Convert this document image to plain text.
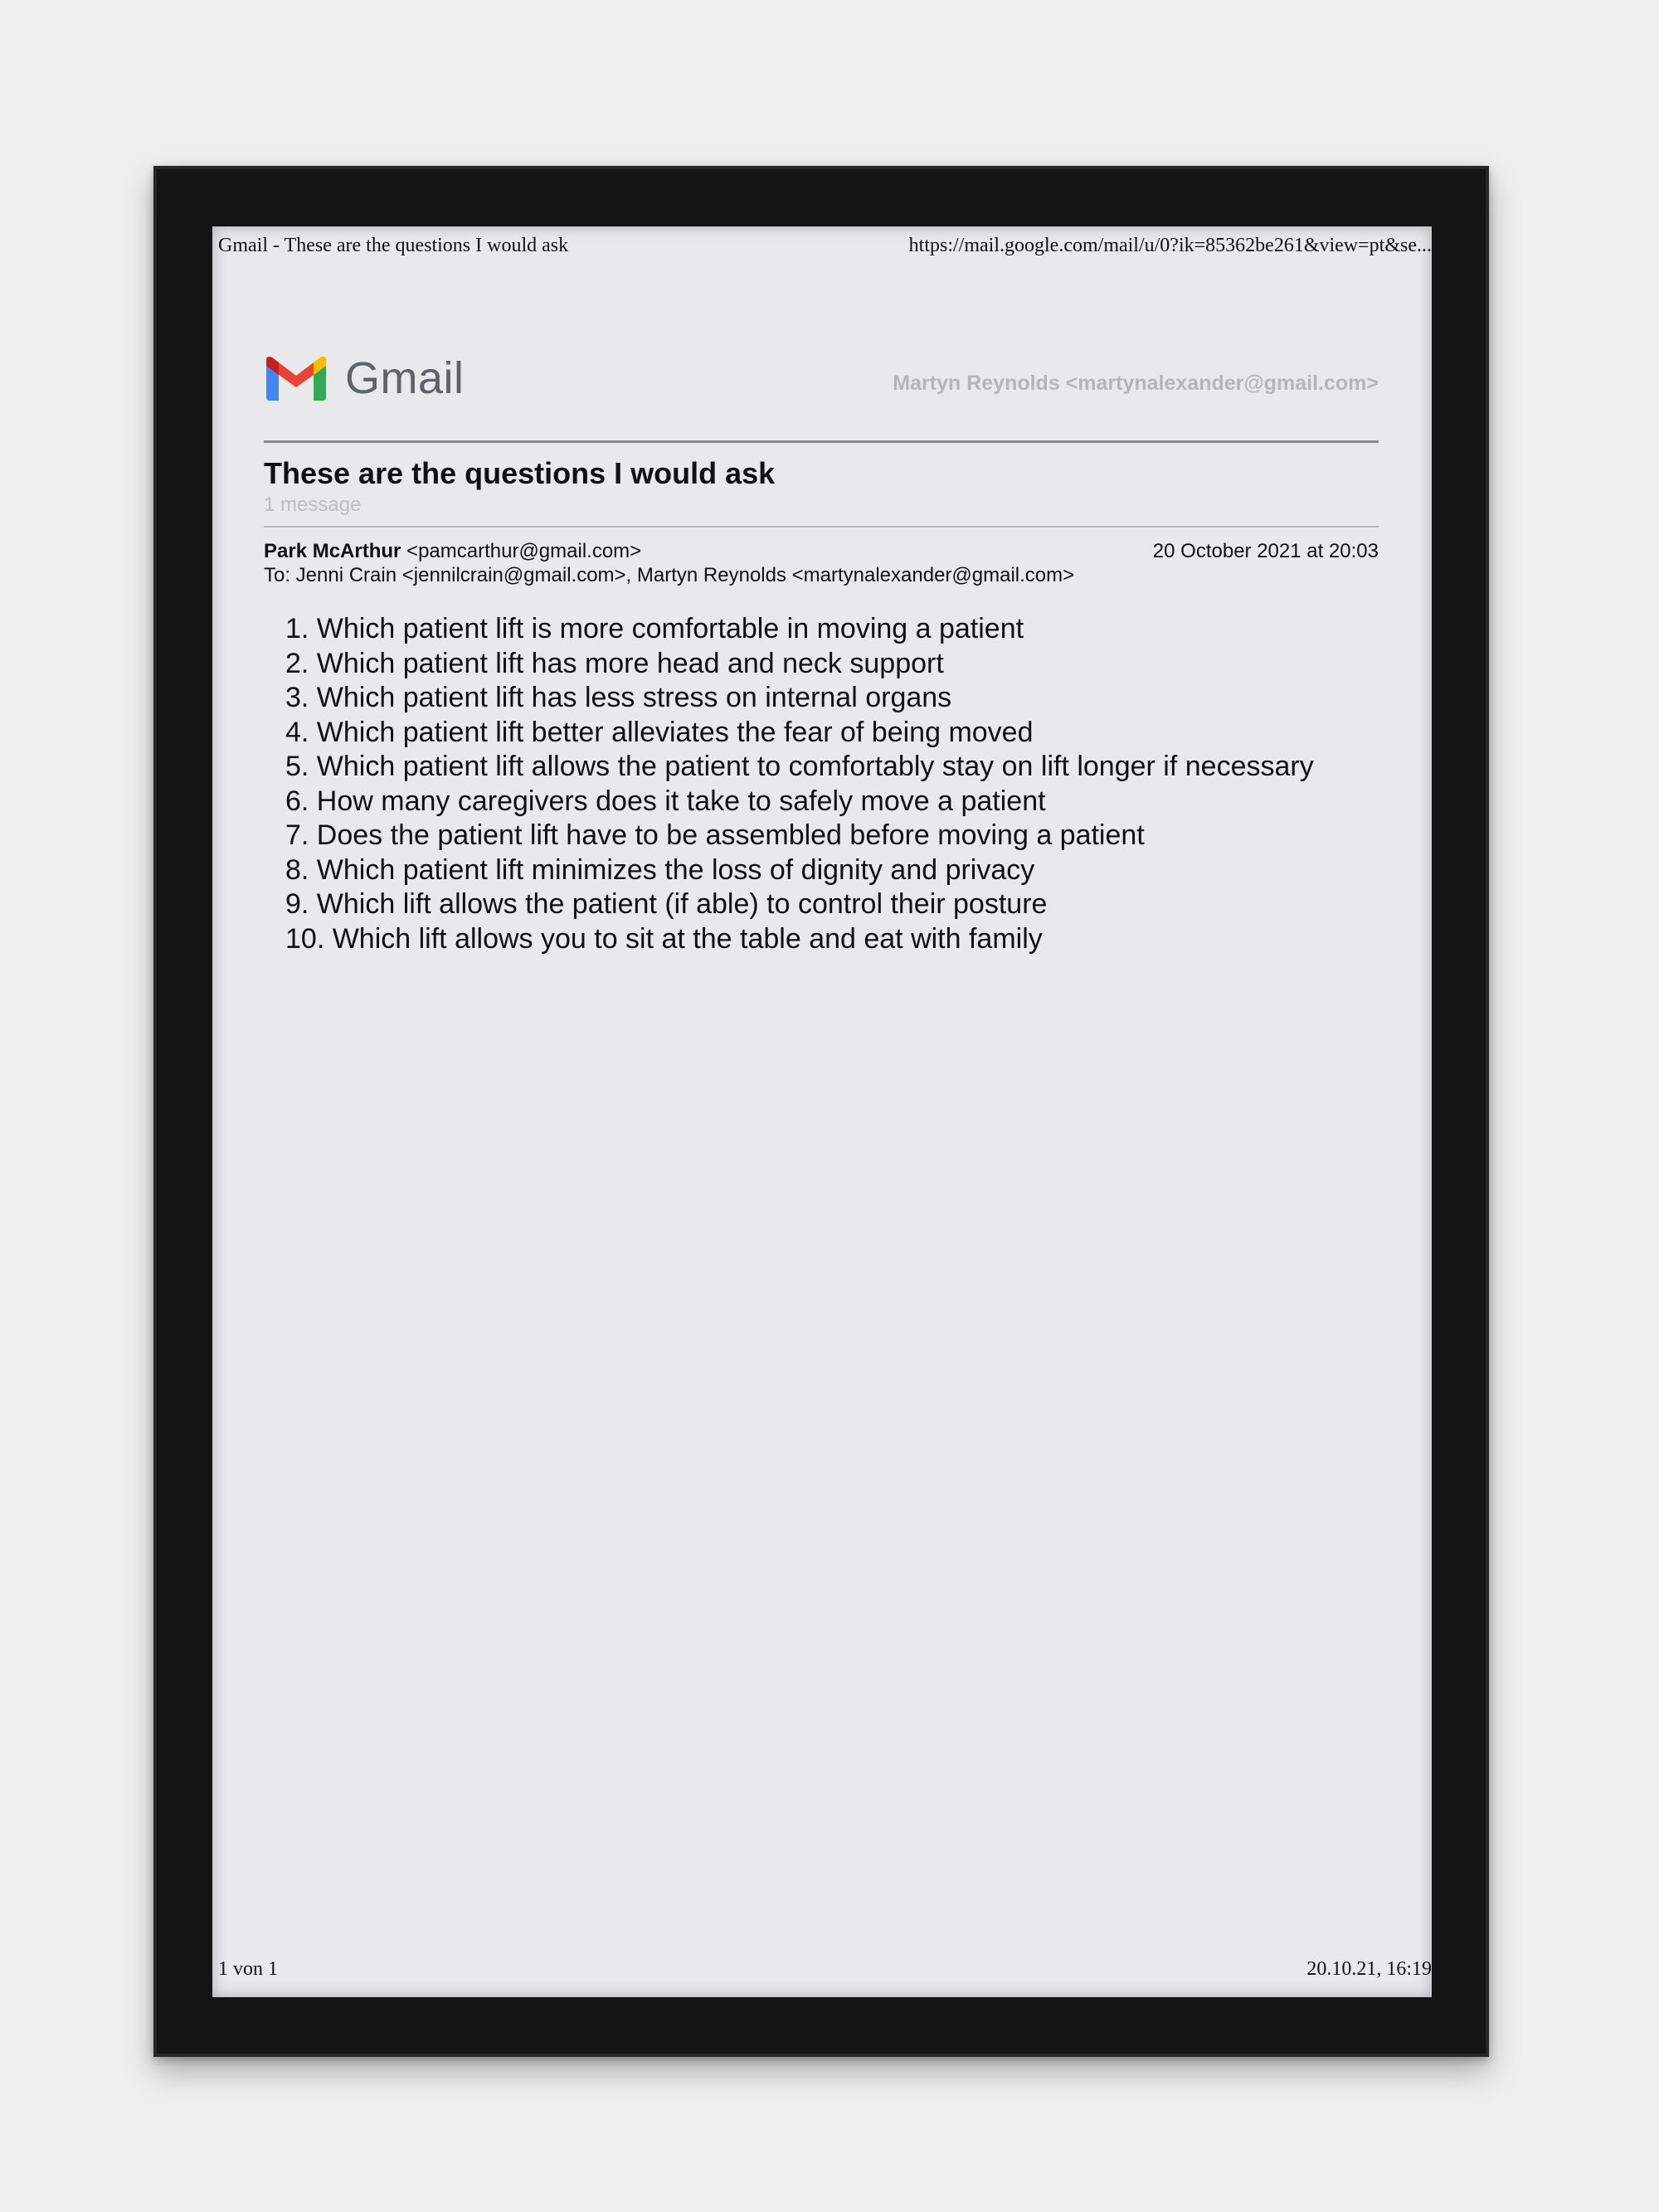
Gmail - These are the questions I would ask	https://mail.google.com/mail/u/0?ik=85362be261&view=pt&se...
Gmail	Martyn Reynolds <martynalexander@gmail.com>
These are the questions I would ask
1 message
Park McArthur <pamcarthur@gmail.com>	20 October 2021 at 20:03
To: Jenni Crain <jennilcrain@gmail.com>, Martyn Reynolds <martynalexander@gmail.com>
1. Which patient lift is more comfortable in moving a patient
2. Which patient lift has more head and neck support
3. Which patient lift has less stress on internal organs
4. Which patient lift better alleviates the fear of being moved
5. Which patient lift allows the patient to comfortably stay on lift longer if necessary
6. How many caregivers does it take to safely move a patient
7. Does the patient lift have to be assembled before moving a patient
8. Which patient lift minimizes the loss of dignity and privacy
9. Which lift allows the patient (if able) to control their posture
10. Which lift allows you to sit at the table and eat with family
1 von 1	20.10.21, 16:19
